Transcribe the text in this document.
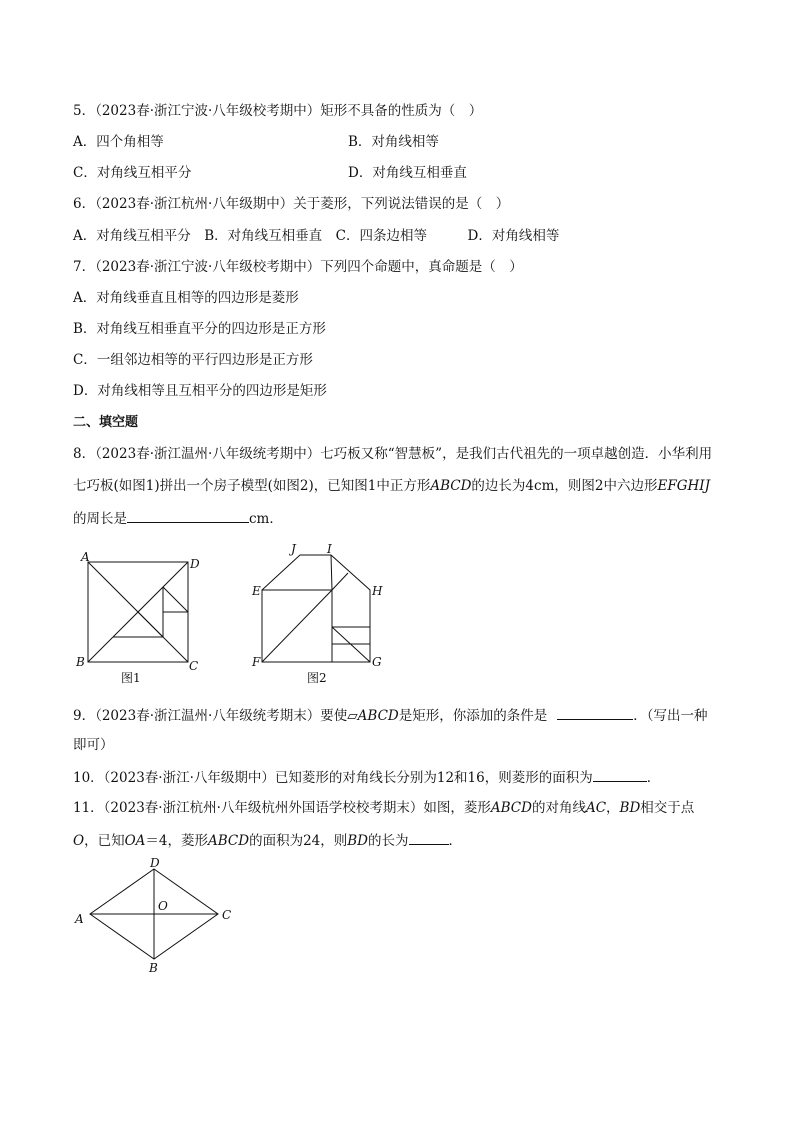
5．（2023春·浙江宁波·八年级校考期中）矩形不具备的性质为（　）
A．四个角相等	B．对角线相等
C．对角线互相平分	D．对角线互相垂直
6．（2023春·浙江杭州·八年级期中）关于菱形，下列说法错误的是（　）
A．对角线互相平分　B．对角线互相垂直　C．四条边相等　　　D．对角线相等
7．（2023春·浙江宁波·八年级校考期中）下列四个命题中，真命题是（　）
A．对角线垂直且相等的四边形是菱形
B．对角线互相垂直平分的四边形是正方形
C．一组邻边相等的平行四边形是正方形
D．对角线相等且互相平分的四边形是矩形
二、填空题
8．（2023春·浙江温州·八年级统考期中）七巧板又称“智慧板”，是我们古代祖先的一项卓越创造．小华利用
七巧板(如图1)拼出一个房子模型(如图2)，已知图1中正方形ABCD的边长为4cm，则图2中六边形EFGHIJ
的周长是	cm．
A	D
B	C
图1
J	I
E	H
F	G
图2
9．（2023春·浙江温州·八年级统考期末）要使▱ABCD是矩形，你添加的条件是	．（写出一种
即可）
10．（2023春·浙江·八年级期中）已知菱形的对角线长分别为12和16，则菱形的面积为	．
11．（2023春·浙江杭州·八年级杭州外国语学校校考期末）如图，菱形ABCD的对角线AC，BD相交于点
O，已知OA＝4，菱形ABCD的面积为24，则BD的长为	．
D
A	C
B
O
